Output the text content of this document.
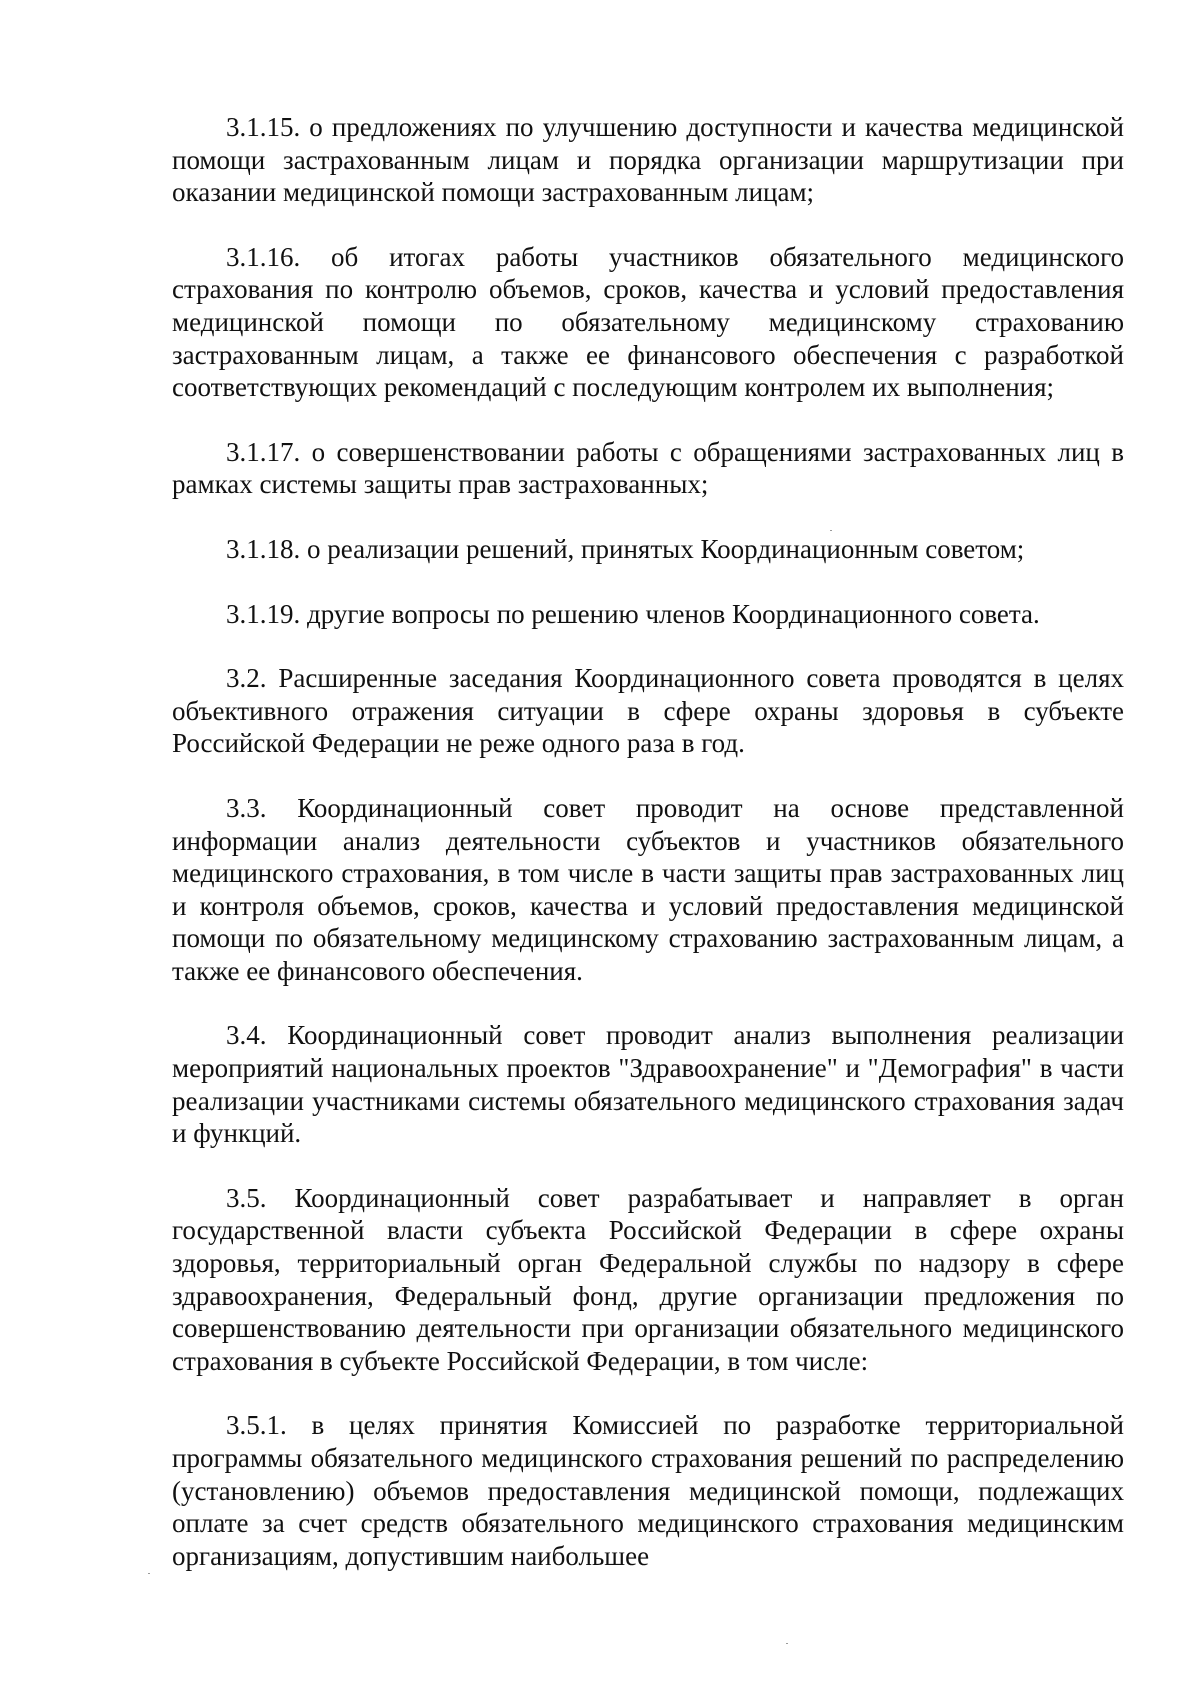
3.1.15. о предложениях по улучшению доступности и качества медицинской помощи застрахованным лицам и порядка организации маршрутизации при оказании медицинской помощи застрахованным лицам;

3.1.16. об итогах работы участников обязательного медицинского страхования по контролю объемов, сроков, качества и условий предоставления медицинской помощи по обязательному медицинскому страхованию застрахованным лицам, а также ее финансового обеспечения с разработкой соответствующих рекомендаций с последующим контролем их выполнения;

3.1.17. о совершенствовании работы с обращениями застрахованных лиц в рамках системы защиты прав застрахованных;

3.1.18. о реализации решений, принятых Координационным советом;

3.1.19. другие вопросы по решению членов Координационного совета.

3.2. Расширенные заседания Координационного совета проводятся в целях объективного отражения ситуации в сфере охраны здоровья в субъекте Российской Федерации не реже одного раза в год.

3.3. Координационный совет проводит на основе представленной информации анализ деятельности субъектов и участников обязательного медицинского страхования, в том числе в части защиты прав застрахованных лиц и контроля объемов, сроков, качества и условий предоставления медицинской помощи по обязательному медицинскому страхованию застрахованным лицам, а также ее финансового обеспечения.

3.4. Координационный совет проводит анализ выполнения реализации мероприятий национальных проектов "Здравоохранение" и "Демография" в части реализации участниками системы обязательного медицинского страхования задач и функций.

3.5. Координационный совет разрабатывает и направляет в орган государственной власти субъекта Российской Федерации в сфере охраны здоровья, территориальный орган Федеральной службы по надзору в сфере здравоохранения, Федеральный фонд, другие организации предложения по совершенствованию деятельности при организации обязательного медицинского страхования в субъекте Российской Федерации, в том числе:

3.5.1. в целях принятия Комиссией по разработке территориальной программы обязательного медицинского страхования решений по распределению (установлению) объемов предоставления медицинской помощи, подлежащих оплате за счет средств обязательного медицинского страхования медицинским организациям, допустившим наибольшее
